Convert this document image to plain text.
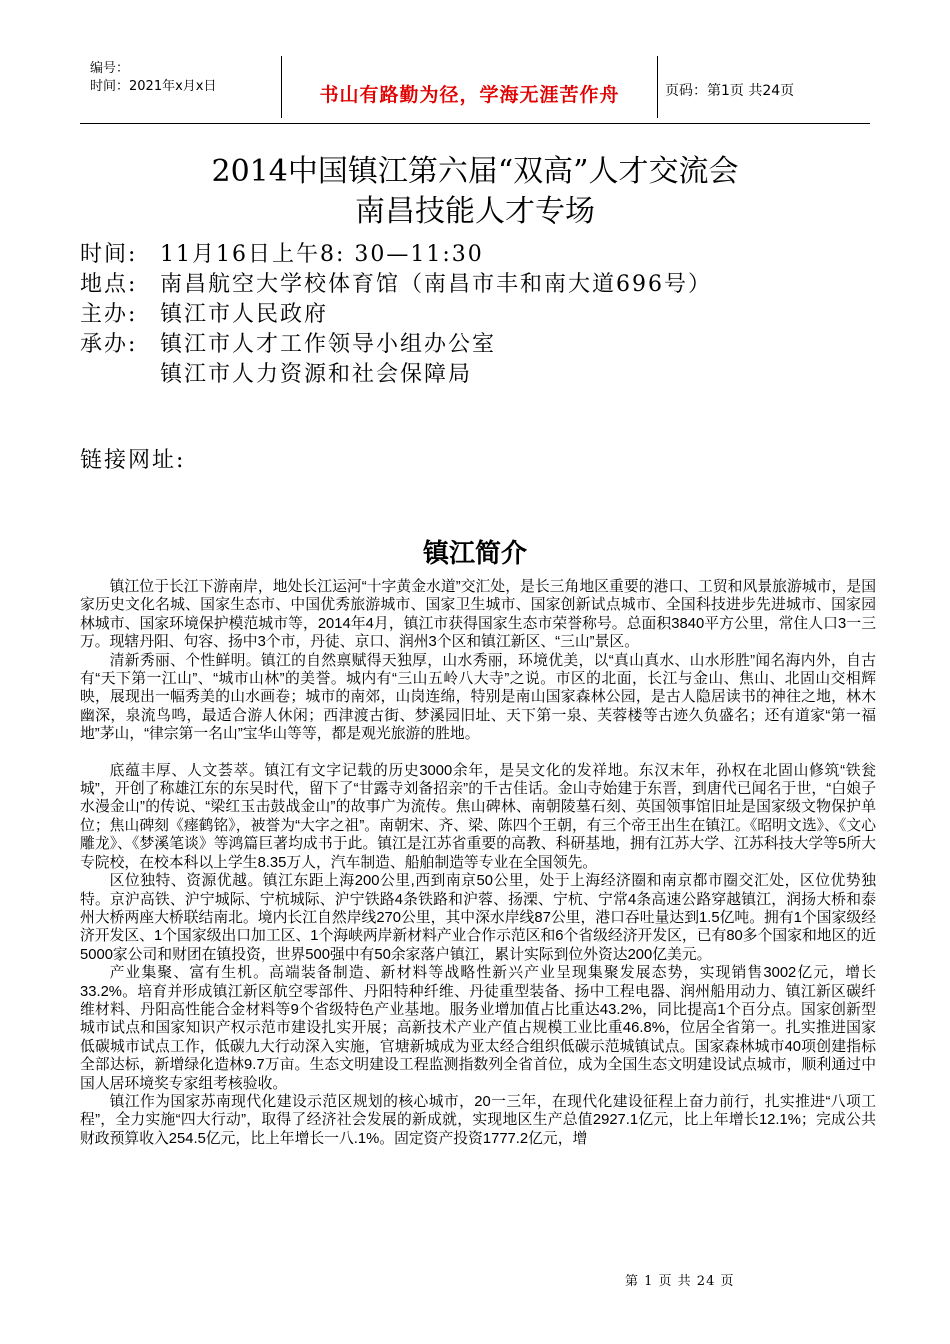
编号：
时间：2021年x月x日	书山有路勤为径，学海无涯苦作舟	页码：第1页 共24页
2014中国镇江第六届“双高”人才交流会
南昌技能人才专场
时间:	11月16日上午8: 30—11:30
地点:	南昌航空大学校体育馆（南昌市丰和南大道696号）
主办:	镇江市人民政府
承办:	镇江市人才工作领导小组办公室
镇江市人力资源和社会保障局
链接网址:
镇江简介

镇江位于长江下游南岸，地处长江运河“十字黄金水道”交汇处，是长三角地区重要的港口、工贸和风景旅游城市，是国家历史文化名城、国家生态市、中国优秀旅游城市、国家卫生城市、国家创新试点城市、全国科技进步先进城市、国家园林城市、国家环境保护模范城市等，2014年4月，镇江市获得国家生态市荣誉称号。总面积3840平方公里，常住人口3一三万。现辖丹阳、句容、扬中3个市，丹徒、京口、润州3个区和镇江新区、“三山”景区。

清新秀丽、个性鲜明。镇江的自然禀赋得天独厚，山水秀丽，环境优美，以“真山真水、山水形胜”闻名海内外，自古有“天下第一江山”、“城市山林”的美誉。城内有“三山五岭八大寺”之说。市区的北面，长江与金山、焦山、北固山交相辉映，展现出一幅秀美的山水画卷；城市的南郊，山岗连绵，特别是南山国家森林公园，是古人隐居读书的神往之地，林木幽深，泉流鸟鸣，最适合游人休闲；西津渡古街、梦溪园旧址、天下第一泉、芙蓉楼等古迹久负盛名；还有道家“第一福地”茅山，“律宗第一名山”宝华山等等，都是观光旅游的胜地。

底蕴丰厚、人文荟萃。镇江有文字记载的历史3000余年，是吴文化的发祥地。东汉末年，孙权在北固山修筑“铁瓮城”，开创了称雄江东的东吴时代，留下了“甘露寺刘备招亲”的千古佳话。金山寺始建于东晋，到唐代已闻名于世，“白娘子水漫金山”的传说、“梁红玉击鼓战金山”的故事广为流传。焦山碑林、南朝陵墓石刻、英国领事馆旧址是国家级文物保护单位；焦山碑刻《瘗鹤铭》，被誉为“大字之祖”。南朝宋、齐、梁、陈四个王朝，有三个帝王出生在镇江。《昭明文选》、《文心雕龙》、《梦溪笔谈》等鸿篇巨著均成书于此。镇江是江苏省重要的高教、科研基地，拥有江苏大学、江苏科技大学等5所大专院校，在校本科以上学生8.35万人，汽车制造、船舶制造等专业在全国领先。

区位独特、资源优越。镇江东距上海200公里,西到南京50公里，处于上海经济圈和南京都市圈交汇处，区位优势独特。京沪高铁、沪宁城际、宁杭城际、沪宁铁路4条铁路和沪蓉、扬溧、宁杭、宁常4条高速公路穿越镇江，润扬大桥和泰州大桥两座大桥联结南北。境内长江自然岸线270公里，其中深水岸线87公里，港口吞吐量达到1.5亿吨。拥有1个国家级经济开发区、1个国家级出口加工区、1个海峡两岸新材料产业合作示范区和6个省级经济开发区，已有80多个国家和地区的近5000家公司和财团在镇投资，世界500强中有50余家落户镇江，累计实际到位外资达200亿美元。

产业集聚、富有生机。高端装备制造、新材料等战略性新兴产业呈现集聚发展态势，实现销售3002亿元，增长33.2%。培育并形成镇江新区航空零部件、丹阳特种纤维、丹徒重型装备、扬中工程电器、润州船用动力、镇江新区碳纤维材料、丹阳高性能合金材料等9个省级特色产业基地。服务业增加值占比重达43.2%，同比提高1个百分点。国家创新型城市试点和国家知识产权示范市建设扎实开展；高新技术产业产值占规模工业比重46.8%，位居全省第一。扎实推进国家低碳城市试点工作，低碳九大行动深入实施，官塘新城成为亚太经合组织低碳示范城镇试点。国家森林城市40项创建指标全部达标，新增绿化造林9.7万亩。生态文明建设工程监测指数列全省首位，成为全国生态文明建设试点城市，顺利通过中国人居环境奖专家组考核验收。

镇江作为国家苏南现代化建设示范区规划的核心城市，20一三年，在现代化建设征程上奋力前行，扎实推进“八项工程”，全力实施“四大行动”，取得了经济社会发展的新成就，实现地区生产总值2927.1亿元，比上年增长12.1%；完成公共财政预算收入254.5亿元，比上年增长一八.1%。固定资产投资1777.2亿元，增

第 1 页 共 24 页
